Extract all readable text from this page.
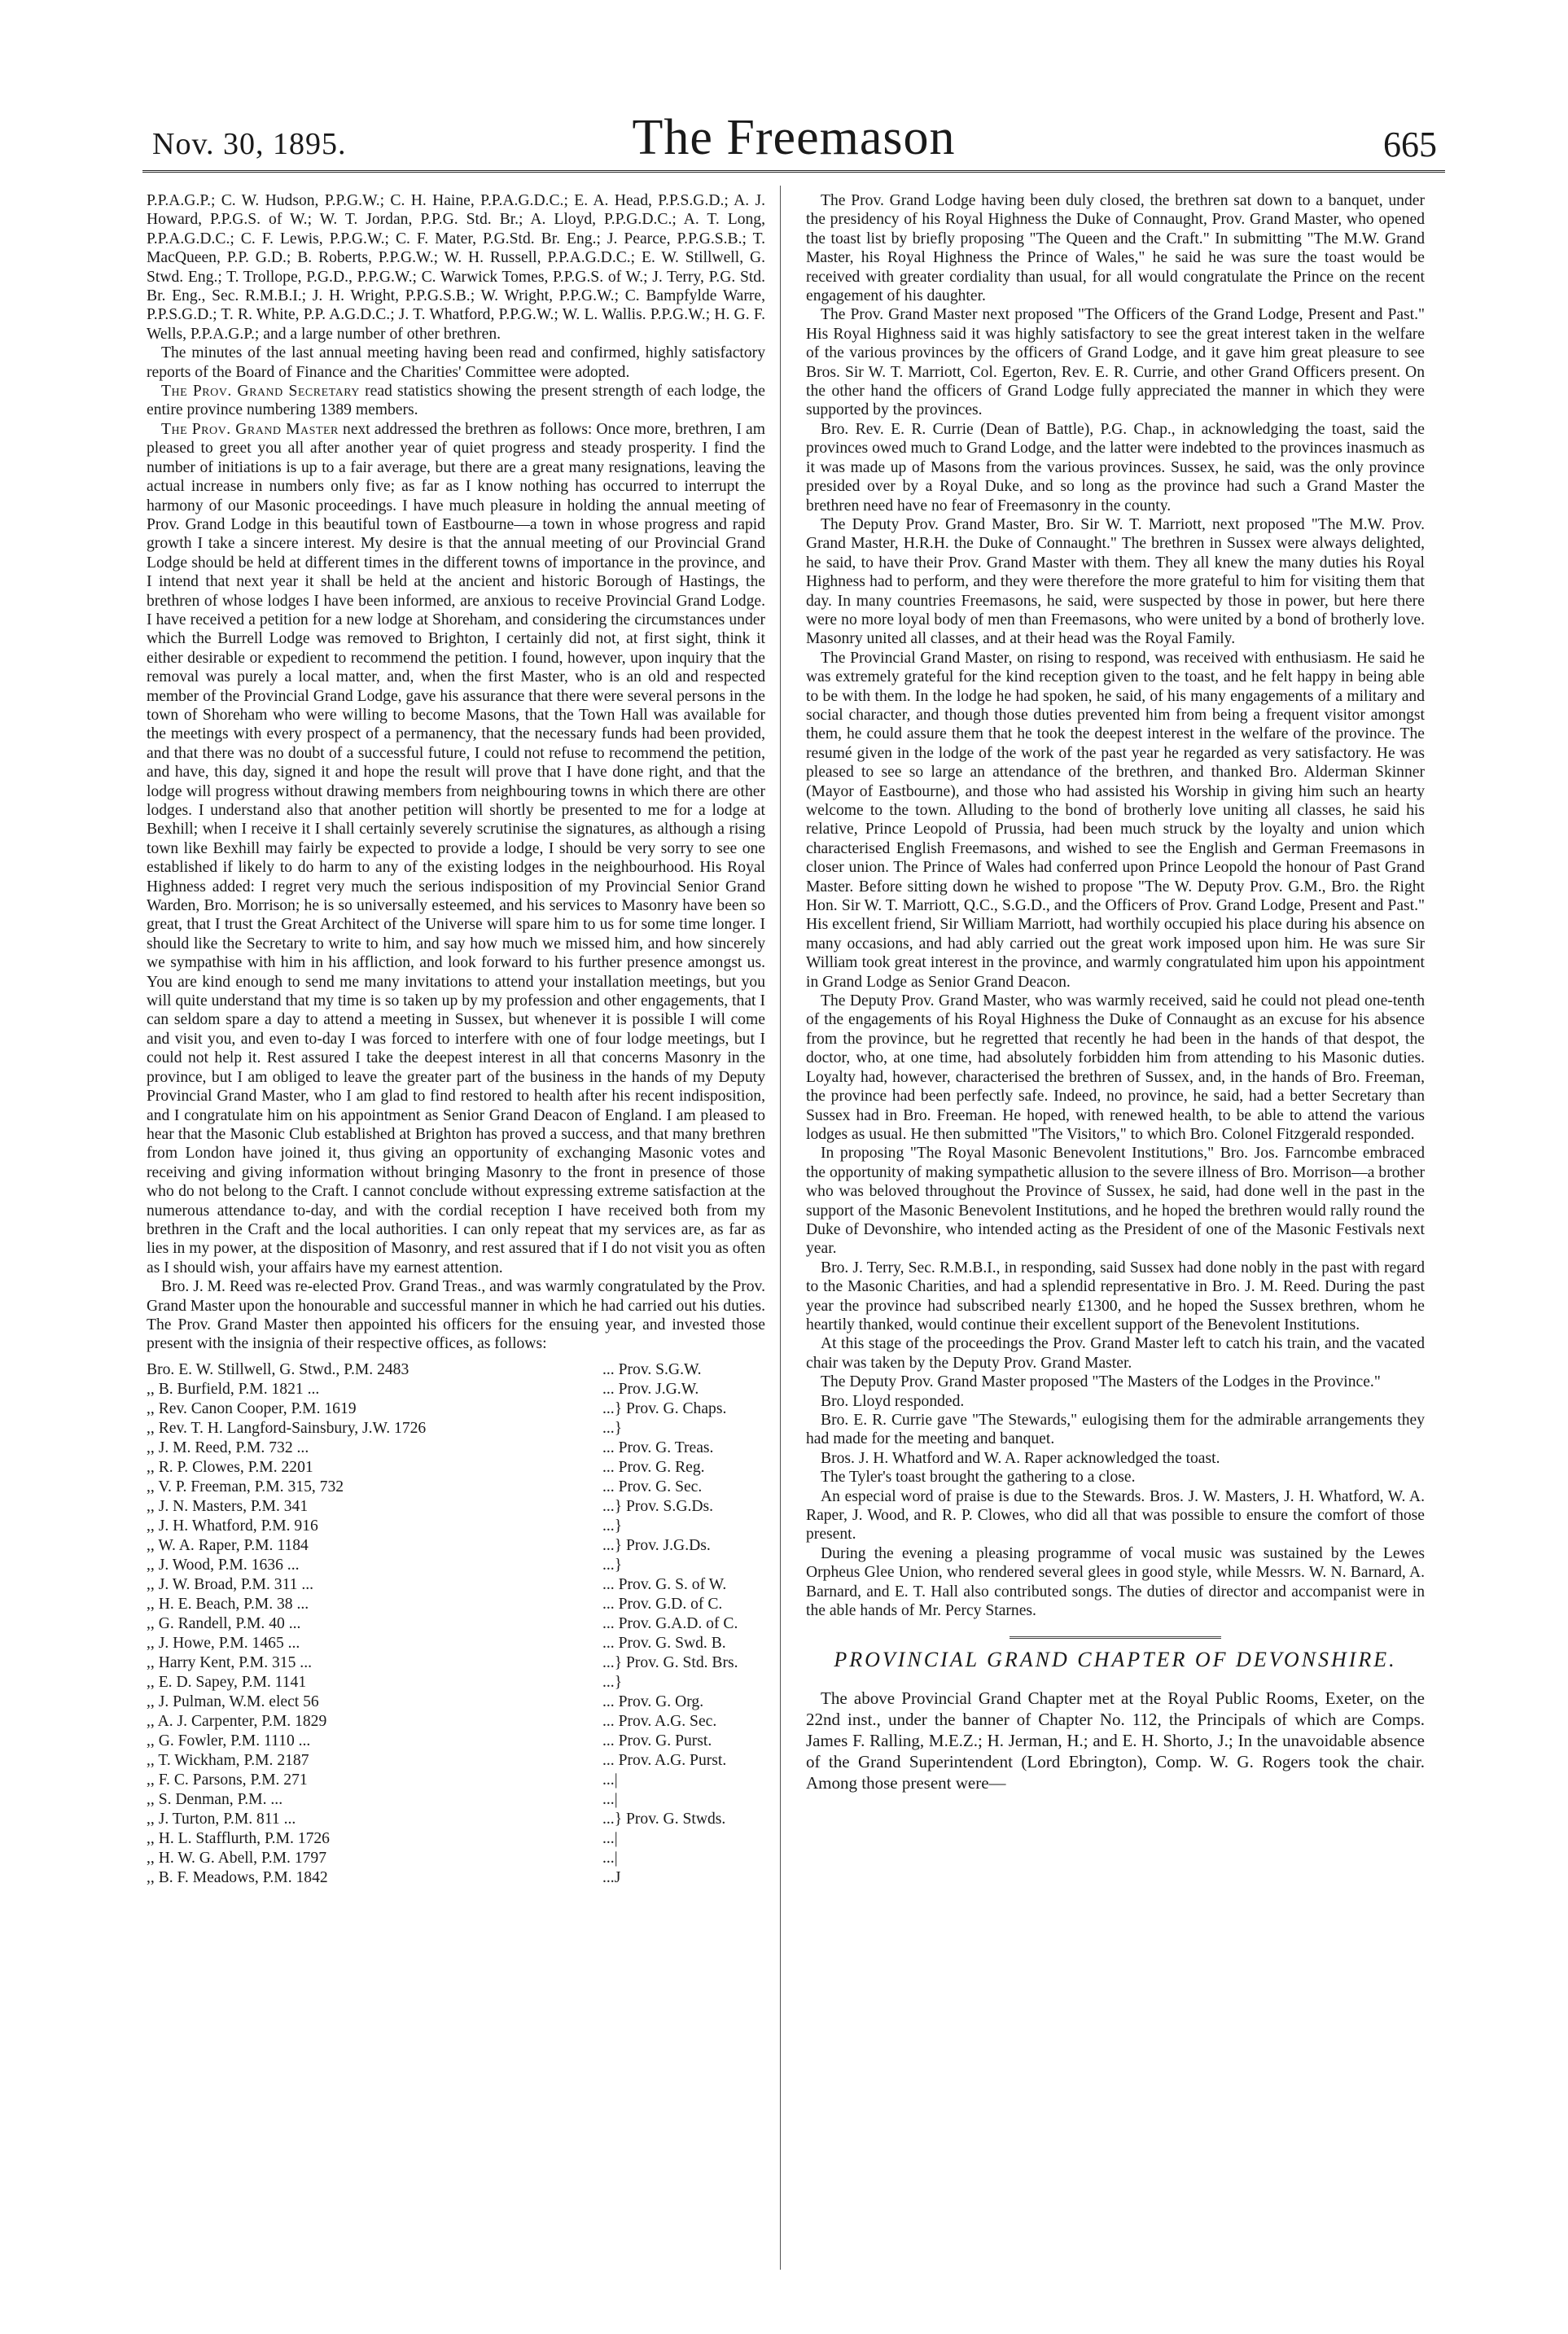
Nov. 30, 1895.	The Freemason	665

P.P.A.G.P.; C. W. Hudson, P.P.G.W.; C. H. Haine, P.P.A.G.D.C.; E. A. Head, P.P.S.G.D.; A. J. Howard, P.P.G.S. of W.; W. T. Jordan, P.P.G. Std. Br.; A. Lloyd, P.P.G.D.C.; A. T. Long, P.P.A.G.D.C.; C. F. Lewis, P.P.G.W.; C. F. Mater, P.G.Std. Br. Eng.; J. Pearce, P.P.G.S.B.; T. MacQueen, P.P. G.D.; B. Roberts, P.P.G.W.; W. H. Russell, P.P.A.G.D.C.; E. W. Stillwell, G. Stwd. Eng.; T. Trollope, P.G.D., P.P.G.W.; C. Warwick Tomes, P.P.G.S. of W.; J. Terry, P.G. Std. Br. Eng., Sec. R.M.B.I.; J. H. Wright, P.P.G.S.B.; W. Wright, P.P.G.W.; C. Bampfylde Warre, P.P.S.G.D.; T. R. White, P.P. A.G.D.C.; J. T. Whatford, P.P.G.W.; W. L. Wallis. P.P.G.W.; H. G. F. Wells, P.P.A.G.P.; and a large number of other brethren.

The minutes of the last annual meeting having been read and confirmed, highly satisfactory reports of the Board of Finance and the Charities' Committee were adopted.

The Prov. Grand Secretary read statistics showing the present strength of each lodge, the entire province numbering 1389 members.

The Prov. Grand Master next addressed the brethren as follows: Once more, brethren, I am pleased to greet you all after another year of quiet progress and steady prosperity. I find the number of initiations is up to a fair average, but there are a great many resignations, leaving the actual increase in numbers only five; as far as I know nothing has occurred to interrupt the harmony of our Masonic proceedings. I have much pleasure in holding the annual meeting of Prov. Grand Lodge in this beautiful town of Eastbourne—a town in whose progress and rapid growth I take a sincere interest. My desire is that the annual meeting of our Provincial Grand Lodge should be held at different times in the different towns of importance in the province, and I intend that next year it shall be held at the ancient and historic Borough of Hastings, the brethren of whose lodges I have been informed, are anxious to receive Provincial Grand Lodge. I have received a petition for a new lodge at Shoreham, and considering the circumstances under which the Burrell Lodge was removed to Brighton, I certainly did not, at first sight, think it either desirable or expedient to recommend the petition. I found, however, upon inquiry that the removal was purely a local matter, and, when the first Master, who is an old and respected member of the Provincial Grand Lodge, gave his assurance that there were several persons in the town of Shoreham who were willing to become Masons, that the Town Hall was available for the meetings with every prospect of a permanency, that the necessary funds had been provided, and that there was no doubt of a successful future, I could not refuse to recommend the petition, and have, this day, signed it and hope the result will prove that I have done right, and that the lodge will progress without drawing members from neighbouring towns in which there are other lodges. I understand also that another petition will shortly be presented to me for a lodge at Bexhill; when I receive it I shall certainly severely scrutinise the signatures, as although a rising town like Bexhill may fairly be expected to provide a lodge, I should be very sorry to see one established if likely to do harm to any of the existing lodges in the neighbourhood. His Royal Highness added: I regret very much the serious indisposition of my Provincial Senior Grand Warden, Bro. Morrison; he is so universally esteemed, and his services to Masonry have been so great, that I trust the Great Architect of the Universe will spare him to us for some time longer. I should like the Secretary to write to him, and say how much we missed him, and how sincerely we sympathise with him in his affliction, and look forward to his further presence amongst us. You are kind enough to send me many invitations to attend your installation meetings, but you will quite understand that my time is so taken up by my profession and other engagements, that I can seldom spare a day to attend a meeting in Sussex, but whenever it is possible I will come and visit you, and even to-day I was forced to interfere with one of four lodge meetings, but I could not help it. Rest assured I take the deepest interest in all that concerns Masonry in the province, but I am obliged to leave the greater part of the business in the hands of my Deputy Provincial Grand Master, who I am glad to find restored to health after his recent indisposition, and I congratulate him on his appointment as Senior Grand Deacon of England. I am pleased to hear that the Masonic Club established at Brighton has proved a success, and that many brethren from London have joined it, thus giving an opportunity of exchanging Masonic votes and receiving and giving information without bringing Masonry to the front in presence of those who do not belong to the Craft. I cannot conclude without expressing extreme satisfaction at the numerous attendance to-day, and with the cordial reception I have received both from my brethren in the Craft and the local authorities. I can only repeat that my services are, as far as lies in my power, at the disposition of Masonry, and rest assured that if I do not visit you as often as I should wish, your affairs have my earnest attention.

Bro. J. M. Reed was re-elected Prov. Grand Treas., and was warmly congratulated by the Prov. Grand Master upon the honourable and successful manner in which he had carried out his duties. The Prov. Grand Master then appointed his officers for the ensuing year, and invested those present with the insignia of their respective offices, as follows:

Bro. E. W. Stillwell, G. Stwd., P.M. 2483	... Prov. S.G.W.
,, B. Burfield, P.M. 1821 ...	... Prov. J.G.W.
,, Rev. Canon Cooper, P.M. 1619	...} Prov. G. Chaps.
,, Rev. T. H. Langford-Sainsbury, J.W. 1726	...}
,, J. M. Reed, P.M. 732 ...	... Prov. G. Treas.
,, R. P. Clowes, P.M. 2201	... Prov. G. Reg.
,, V. P. Freeman, P.M. 315, 732	... Prov. G. Sec.
,, J. N. Masters, P.M. 341	...} Prov. S.G.Ds.
,, J. H. Whatford, P.M. 916	...}
,, W. A. Raper, P.M. 1184	...} Prov. J.G.Ds.
,, J. Wood, P.M. 1636 ...	...}
,, J. W. Broad, P.M. 311 ...	... Prov. G. S. of W.
,, H. E. Beach, P.M. 38 ...	... Prov. G.D. of C.
,, G. Randell, P.M. 40 ...	... Prov. G.A.D. of C.
,, J. Howe, P.M. 1465 ...	... Prov. G. Swd. B.
,, Harry Kent, P.M. 315 ...	...} Prov. G. Std. Brs.
,, E. D. Sapey, P.M. 1141	...}
,, J. Pulman, W.M. elect 56	... Prov. G. Org.
,, A. J. Carpenter, P.M. 1829	... Prov. A.G. Sec.
,, G. Fowler, P.M. 1110 ...	... Prov. G. Purst.
,, T. Wickham, P.M. 2187	... Prov. A.G. Purst.
,, F. C. Parsons, P.M. 271	...|
,, S. Denman, P.M. ...	...|
,, J. Turton, P.M. 811 ...	...} Prov. G. Stwds.
,, H. L. Stafflurth, P.M. 1726	...|
,, H. W. G. Abell, P.M. 1797	...|
,, B. F. Meadows, P.M. 1842	...J

The Prov. Grand Lodge having been duly closed, the brethren sat down to a banquet, under the presidency of his Royal Highness the Duke of Connaught, Prov. Grand Master, who opened the toast list by briefly proposing "The Queen and the Craft." In submitting "The M.W. Grand Master, his Royal Highness the Prince of Wales," he said he was sure the toast would be received with greater cordiality than usual, for all would congratulate the Prince on the recent engagement of his daughter.

The Prov. Grand Master next proposed "The Officers of the Grand Lodge, Present and Past." His Royal Highness said it was highly satisfactory to see the great interest taken in the welfare of the various provinces by the officers of Grand Lodge, and it gave him great pleasure to see Bros. Sir W. T. Marriott, Col. Egerton, Rev. E. R. Currie, and other Grand Officers present. On the other hand the officers of Grand Lodge fully appreciated the manner in which they were supported by the provinces.

Bro. Rev. E. R. Currie (Dean of Battle), P.G. Chap., in acknowledging the toast, said the provinces owed much to Grand Lodge, and the latter were indebted to the provinces inasmuch as it was made up of Masons from the various provinces. Sussex, he said, was the only province presided over by a Royal Duke, and so long as the province had such a Grand Master the brethren need have no fear of Freemasonry in the county.

The Deputy Prov. Grand Master, Bro. Sir W. T. Marriott, next proposed "The M.W. Prov. Grand Master, H.R.H. the Duke of Connaught." The brethren in Sussex were always delighted, he said, to have their Prov. Grand Master with them. They all knew the many duties his Royal Highness had to perform, and they were therefore the more grateful to him for visiting them that day. In many countries Freemasons, he said, were suspected by those in power, but here there were no more loyal body of men than Freemasons, who were united by a bond of brotherly love. Masonry united all classes, and at their head was the Royal Family.

The Provincial Grand Master, on rising to respond, was received with enthusiasm. He said he was extremely grateful for the kind reception given to the toast, and he felt happy in being able to be with them. In the lodge he had spoken, he said, of his many engagements of a military and social character, and though those duties prevented him from being a frequent visitor amongst them, he could assure them that he took the deepest interest in the welfare of the province. The resumé given in the lodge of the work of the past year he regarded as very satisfactory. He was pleased to see so large an attendance of the brethren, and thanked Bro. Alderman Skinner (Mayor of Eastbourne), and those who had assisted his Worship in giving him such an hearty welcome to the town. Alluding to the bond of brotherly love uniting all classes, he said his relative, Prince Leopold of Prussia, had been much struck by the loyalty and union which characterised English Freemasons, and wished to see the English and German Freemasons in closer union. The Prince of Wales had conferred upon Prince Leopold the honour of Past Grand Master. Before sitting down he wished to propose "The W. Deputy Prov. G.M., Bro. the Right Hon. Sir W. T. Marriott, Q.C., S.G.D., and the Officers of Prov. Grand Lodge, Present and Past." His excellent friend, Sir William Marriott, had worthily occupied his place during his absence on many occasions, and had ably carried out the great work imposed upon him. He was sure Sir William took great interest in the province, and warmly congratulated him upon his appointment in Grand Lodge as Senior Grand Deacon.

The Deputy Prov. Grand Master, who was warmly received, said he could not plead one-tenth of the engagements of his Royal Highness the Duke of Connaught as an excuse for his absence from the province, but he regretted that recently he had been in the hands of that despot, the doctor, who, at one time, had absolutely forbidden him from attending to his Masonic duties. Loyalty had, however, characterised the brethren of Sussex, and, in the hands of Bro. Freeman, the province had been perfectly safe. Indeed, no province, he said, had a better Secretary than Sussex had in Bro. Freeman. He hoped, with renewed health, to be able to attend the various lodges as usual. He then submitted "The Visitors," to which Bro. Colonel Fitzgerald responded.

In proposing "The Royal Masonic Benevolent Institutions," Bro. Jos. Farncombe embraced the opportunity of making sympathetic allusion to the severe illness of Bro. Morrison—a brother who was beloved throughout the Province of Sussex, he said, had done well in the past in the support of the Masonic Benevolent Institutions, and he hoped the brethren would rally round the Duke of Devonshire, who intended acting as the President of one of the Masonic Festivals next year.

Bro. J. Terry, Sec. R.M.B.I., in responding, said Sussex had done nobly in the past with regard to the Masonic Charities, and had a splendid representative in Bro. J. M. Reed. During the past year the province had subscribed nearly £1300, and he hoped the Sussex brethren, whom he heartily thanked, would continue their excellent support of the Benevolent Institutions.

At this stage of the proceedings the Prov. Grand Master left to catch his train, and the vacated chair was taken by the Deputy Prov. Grand Master.

The Deputy Prov. Grand Master proposed "The Masters of the Lodges in the Province."

Bro. Lloyd responded.

Bro. E. R. Currie gave "The Stewards," eulogising them for the admirable arrangements they had made for the meeting and banquet.

Bros. J. H. Whatford and W. A. Raper acknowledged the toast.

The Tyler's toast brought the gathering to a close.

An especial word of praise is due to the Stewards. Bros. J. W. Masters, J. H. Whatford, W. A. Raper, J. Wood, and R. P. Clowes, who did all that was possible to ensure the comfort of those present.

During the evening a pleasing programme of vocal music was sustained by the Lewes Orpheus Glee Union, who rendered several glees in good style, while Messrs. W. N. Barnard, A. Barnard, and E. T. Hall also contributed songs. The duties of director and accompanist were in the able hands of Mr. Percy Starnes.

PROVINCIAL GRAND CHAPTER OF DEVONSHIRE.

The above Provincial Grand Chapter met at the Royal Public Rooms, Exeter, on the 22nd inst., under the banner of Chapter No. 112, the Principals of which are Comps. James F. Ralling, M.E.Z.; H. Jerman, H.; and E. H. Shorto, J.; In the unavoidable absence of the Grand Superintendent (Lord Ebrington), Comp. W. G. Rogers took the chair. Among those present were—
